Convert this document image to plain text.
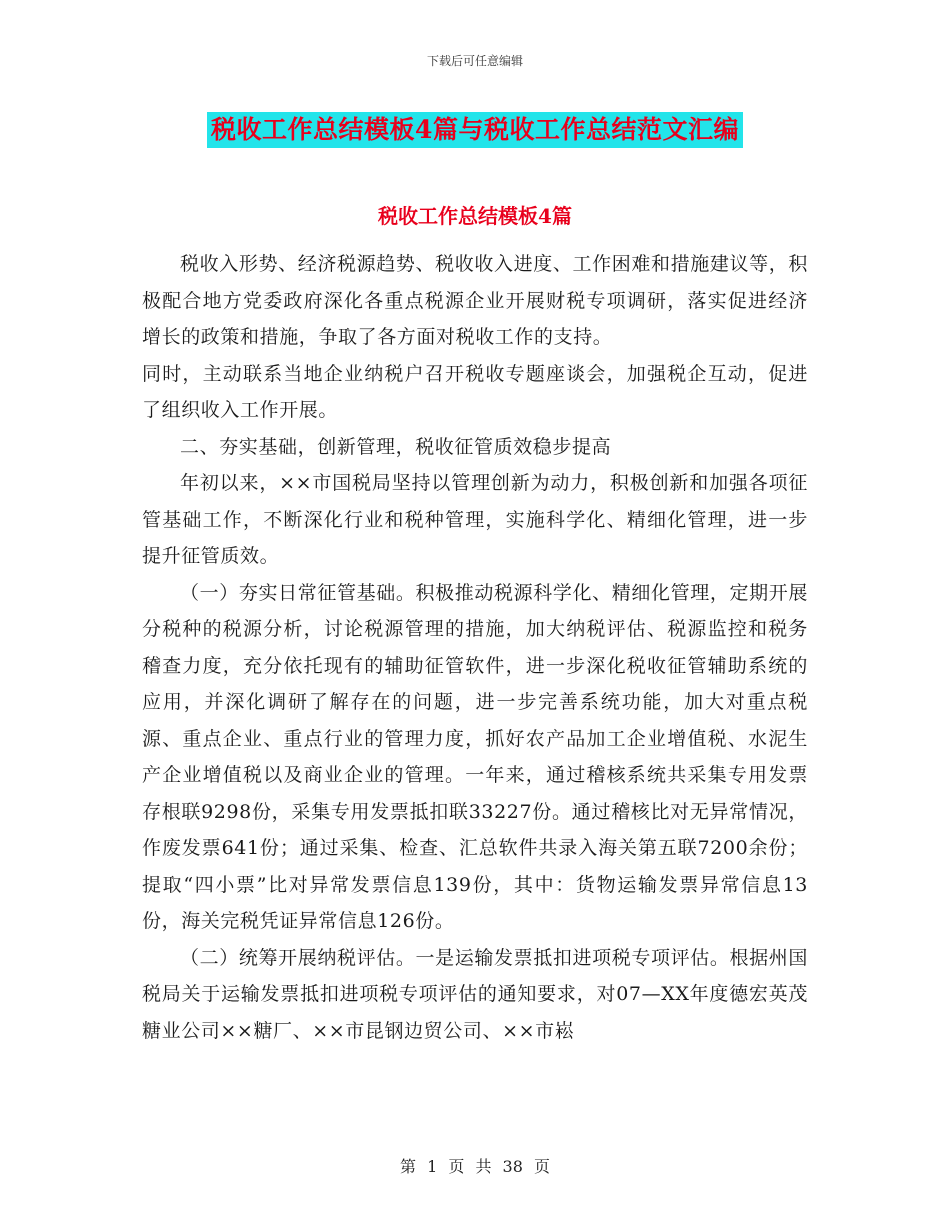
下载后可任意编辑
税收工作总结模板4篇与税收工作总结范文汇编
税收工作总结模板4篇

税收入形势、经济税源趋势、税收收入进度、工作困难和措施建议等，积极配合地方党委政府深化各重点税源企业开展财税专项调研，落实促进经济增长的政策和措施，争取了各方面对税收工作的支持。

同时，主动联系当地企业纳税户召开税收专题座谈会，加强税企互动，促进了组织收入工作开展。

二、夯实基础，创新管理，税收征管质效稳步提高

年初以来，××市国税局坚持以管理创新为动力，积极创新和加强各项征管基础工作，不断深化行业和税种管理，实施科学化、精细化管理，进一步提升征管质效。

（一）夯实日常征管基础。积极推动税源科学化、精细化管理，定期开展分税种的税源分析，讨论税源管理的措施，加大纳税评估、税源监控和税务稽查力度，充分依托现有的辅助征管软件，进一步深化税收征管辅助系统的应用，并深化调研了解存在的问题，进一步完善系统功能，加大对重点税源、重点企业、重点行业的管理力度，抓好农产品加工企业增值税、水泥生产企业增值税以及商业企业的管理。一年来，通过稽核系统共采集专用发票存根联9298份，采集专用发票抵扣联33227份。通过稽核比对无异常情况，作废发票641份；通过采集、检查、汇总软件共录入海关第五联7200余份；提取“四小票”比对异常发票信息139份，其中：货物运输发票异常信息13份，海关完税凭证异常信息126份。

（二）统筹开展纳税评估。一是运输发票抵扣进项税专项评估。根据州国税局关于运输发票抵扣进项税专项评估的通知要求，对07—XX年度德宏英茂糖业公司××糖厂、××市昆钢边贸公司、××市崧

第 1 页 共 38 页
